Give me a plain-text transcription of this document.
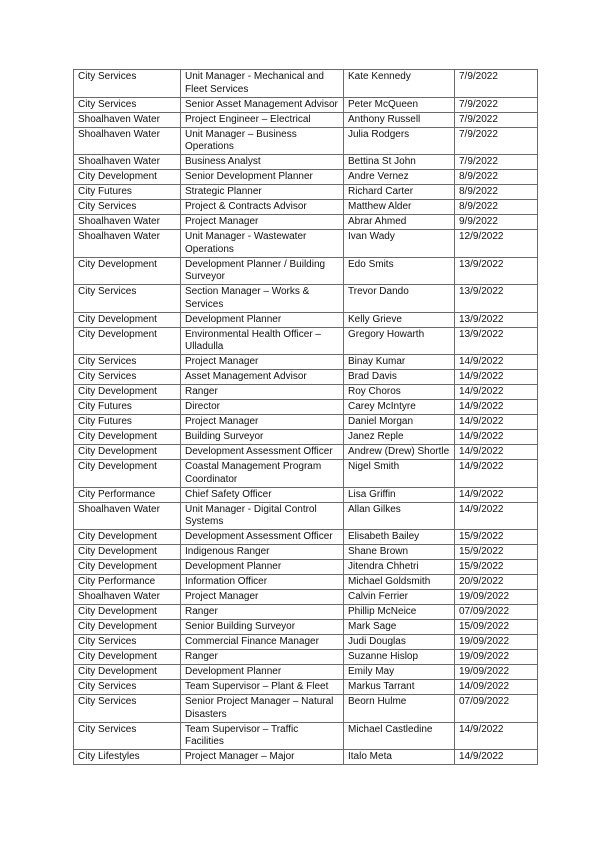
City Services	Unit Manager - Mechanical and Fleet Services	Kate Kennedy	7/9/2022
City Services	Senior Asset Management Advisor	Peter McQueen	7/9/2022
Shoalhaven Water	Project Engineer – Electrical	Anthony Russell	7/9/2022
Shoalhaven Water	Unit Manager – Business Operations	Julia Rodgers	7/9/2022
Shoalhaven Water	Business Analyst	Bettina St John	7/9/2022
City Development	Senior Development Planner	Andre Vernez	8/9/2022
City Futures	Strategic Planner	Richard Carter	8/9/2022
City Services	Project & Contracts Advisor	Matthew Alder	8/9/2022
Shoalhaven Water	Project Manager	Abrar Ahmed	9/9/2022
Shoalhaven Water	Unit Manager - Wastewater Operations	Ivan Wady	12/9/2022
City Development	Development Planner / Building Surveyor	Edo Smits	13/9/2022
City Services	Section Manager – Works & Services	Trevor Dando	13/9/2022
City Development	Development Planner	Kelly Grieve	13/9/2022
City Development	Environmental Health Officer – Ulladulla	Gregory Howarth	13/9/2022
City Services	Project Manager	Binay Kumar	14/9/2022
City Services	Asset Management Advisor	Brad Davis	14/9/2022
City Development	Ranger	Roy Choros	14/9/2022
City Futures	Director	Carey McIntyre	14/9/2022
City Futures	Project Manager	Daniel Morgan	14/9/2022
City Development	Building Surveyor	Janez Reple	14/9/2022
City Development	Development Assessment Officer	Andrew (Drew) Shortle	14/9/2022
City Development	Coastal Management Program Coordinator	Nigel Smith	14/9/2022
City Performance	Chief Safety Officer	Lisa Griffin	14/9/2022
Shoalhaven Water	Unit Manager - Digital Control Systems	Allan Gilkes	14/9/2022
City Development	Development Assessment Officer	Elisabeth Bailey	15/9/2022
City Development	Indigenous Ranger	Shane Brown	15/9/2022
City Development	Development Planner	Jitendra Chhetri	15/9/2022
City Performance	Information Officer	Michael Goldsmith	20/9/2022
Shoalhaven Water	Project Manager	Calvin Ferrier	19/09/2022
City Development	Ranger	Phillip McNeice	07/09/2022
City Development	Senior Building Surveyor	Mark Sage	15/09/2022
City Services	Commercial Finance Manager	Judi Douglas	19/09/2022
City Development	Ranger	Suzanne Hislop	19/09/2022
City Development	Development Planner	Emily May	19/09/2022
City Services	Team Supervisor – Plant & Fleet	Markus Tarrant	14/09/2022
City Services	Senior Project Manager – Natural Disasters	Beorn Hulme	07/09/2022
City Services	Team Supervisor – Traffic Facilities	Michael Castledine	14/9/2022
City Lifestyles	Project Manager – Major	Italo Meta	14/9/2022
